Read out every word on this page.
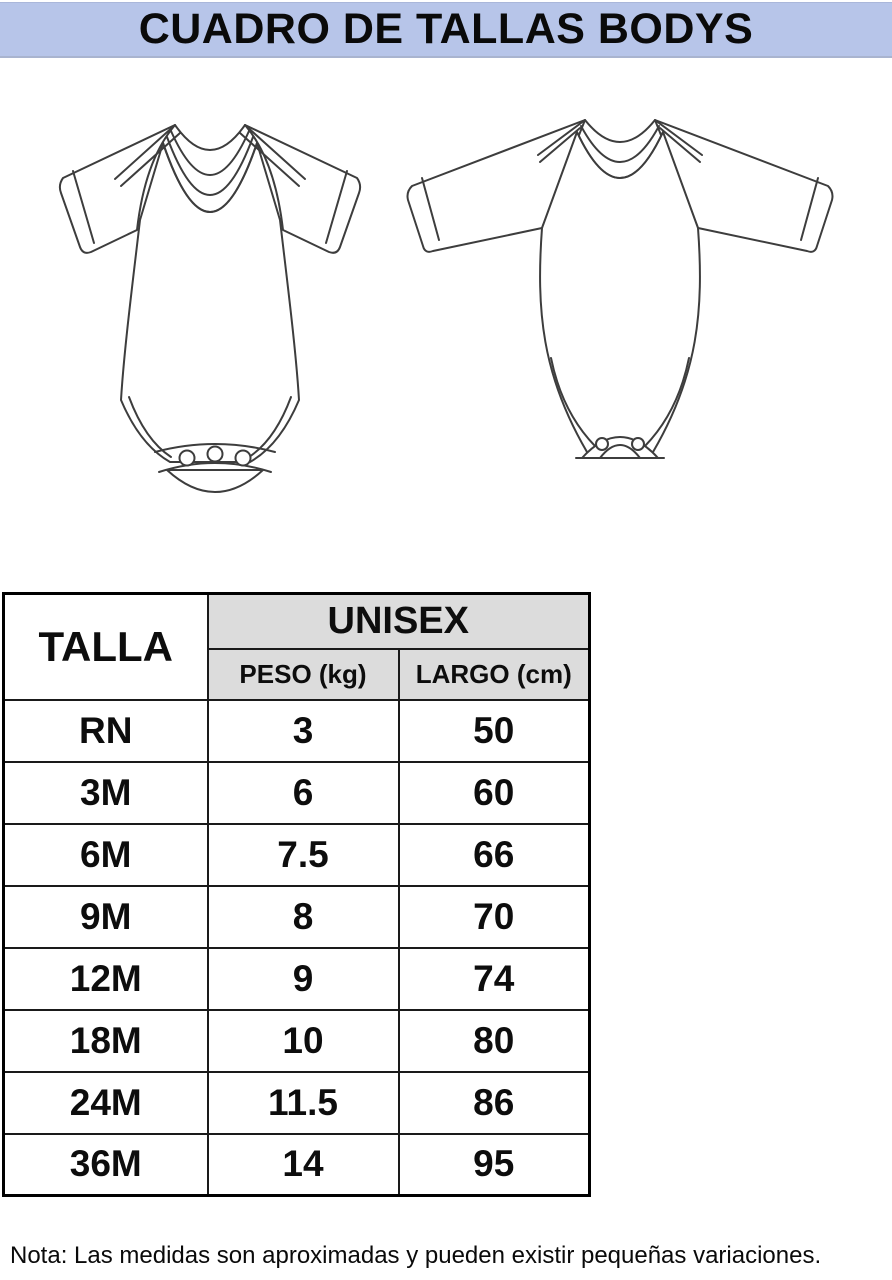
CUADRO DE TALLAS BODYS
TALLA	UNISEX	
	PESO (kg)	LARGO (cm)
RN	3	50
3M	6	60
6M	7.5	66
9M	8	70
12M	9	74
18M	10	80
24M	11.5	86
36M	14	95
Nota: Las medidas son aproximadas y pueden existir pequeñas variaciones.
